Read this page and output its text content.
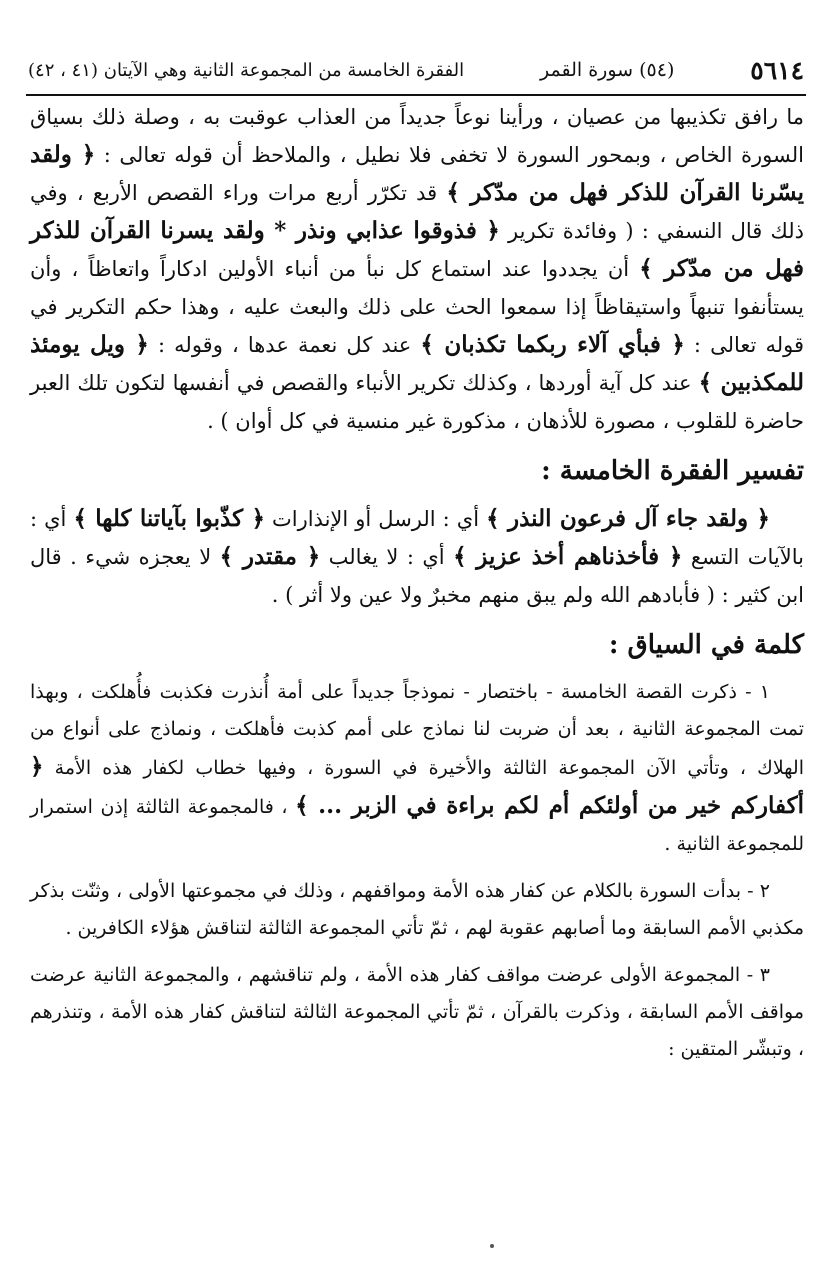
٥٦١٤
(٥٤) سورة القمر
الفقرة الخامسة من المجموعة الثانية وهي الآيتان (٤١ ، ٤٢)

ما رافق تكذيبها من عصيان ، ورأينا نوعاً جديداً من العذاب عوقبت به ، وصلة ذلك بسياق السورة الخاص ، وبمحور السورة لا تخفى فلا نطيل ، والملاحظ أن قوله تعالى : ﴿ ولقد يسّرنا القرآن للذكر فهل من مدّكر ﴾ قد تكرّر أربع مرات وراء القصص الأربع ، وفي ذلك قال النسفي : ( وفائدة تكرير ﴿ فذوقوا عذابي ونذر * ولقد يسرنا القرآن للذكر فهل من مدّكر ﴾ أن يجددوا عند استماع كل نبأ من أنباء الأولين ادكاراً واتعاظاً ، وأن يستأنفوا تنبهاً واستيقاظاً إذا سمعوا الحث على ذلك والبعث عليه ، وهذا حكم التكرير في قوله تعالى : ﴿ فبأي آلاء ربكما تكذبان ﴾ عند كل نعمة عدها ، وقوله : ﴿ ويل يومئذ للمكذبين ﴾ عند كل آية أوردها ، وكذلك تكرير الأنباء والقصص في أنفسها لتكون تلك العبر حاضرة للقلوب ، مصورة للأذهان ، مذكورة غير منسية في كل أوان ) .

تفسير الفقرة الخامسة :

﴿ ولقد جاء آل فرعون النذر ﴾ أي : الرسل أو الإنذارات ﴿ كذّبوا بآياتنا كلها ﴾ أي : بالآيات التسع ﴿ فأخذناهم أخذ عزيز ﴾ أي : لا يغالب ﴿ مقتدر ﴾ لا يعجزه شيء . قال ابن كثير : ( فأبادهم الله ولم يبق منهم مخبرٌ ولا عين ولا أثر ) .

كلمة في السياق :

١ - ذكرت القصة الخامسة - باختصار - نموذجاً جديداً على أمة أُنذرت فكذبت فأُهلكت ، وبهذا تمت المجموعة الثانية ، بعد أن ضربت لنا نماذج على أمم كذبت فأهلكت ، ونماذج على أنواع من الهلاك ، وتأتي الآن المجموعة الثالثة والأخيرة في السورة ، وفيها خطاب لكفار هذه الأمة ﴿ أكفاركم خير من أولئكم أم لكم براءة في الزبر ... ﴾ ، فالمجموعة الثالثة إذن استمرار للمجموعة الثانية .

٢ - بدأت السورة بالكلام عن كفار هذه الأمة ومواقفهم ، وذلك في مجموعتها الأولى ، وثنّت بذكر مكذبي الأمم السابقة وما أصابهم عقوبة لهم ، ثمّ تأتي المجموعة الثالثة لتناقش هؤلاء الكافرين .

٣ - المجموعة الأولى عرضت مواقف كفار هذه الأمة ، ولم تناقشهم ، والمجموعة الثانية عرضت مواقف الأمم السابقة ، وذكرت بالقرآن ، ثمّ تأتي المجموعة الثالثة لتناقش كفار هذه الأمة ، وتنذرهم ، وتبشّر المتقين :
